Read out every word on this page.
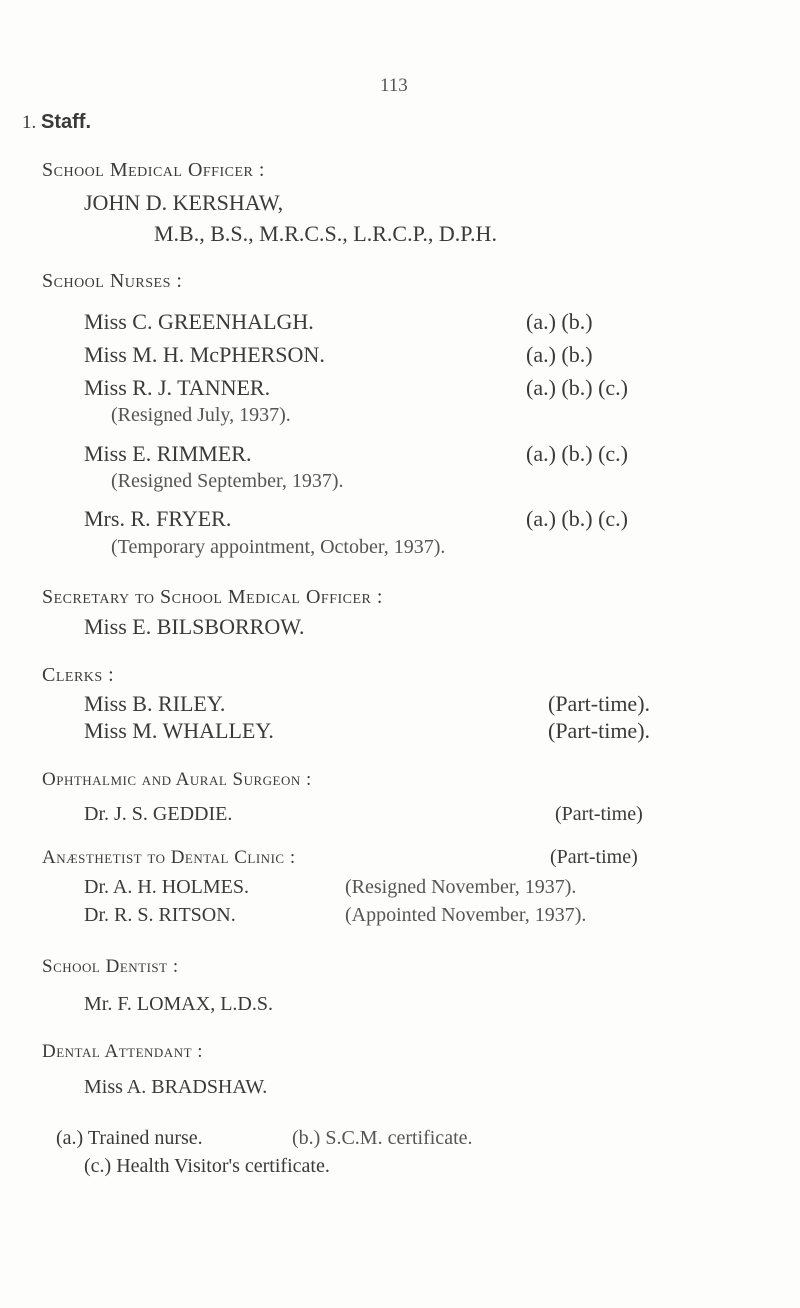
113
1. Staff.
School Medical Officer :
JOHN D. KERSHAW,
M.B., B.S., M.R.C.S., L.R.C.P., D.P.H.
School Nurses :
Miss C. GREENHALGH.	(a.) (b.)
Miss M. H. McPHERSON.	(a.) (b.)
Miss R. J. TANNER.	(a.) (b.) (c.)
(Resigned July, 1937).
Miss E. RIMMER.	(a.) (b.) (c.)
(Resigned September, 1937).
Mrs. R. FRYER.	(a.) (b.) (c.)
(Temporary appointment, October, 1937).
Secretary to School Medical Officer :
Miss E. BILSBORROW.
Clerks :
Miss B. RILEY.	(Part-time).
Miss M. WHALLEY.	(Part-time).
Ophthalmic and Aural Surgeon :
Dr. J. S. GEDDIE.	(Part-time)
Anæsthetist to Dental Clinic :	(Part-time)
Dr. A. H. HOLMES.	(Resigned November, 1937).
Dr. R. S. RITSON.	(Appointed November, 1937).
School Dentist :
Mr. F. LOMAX, L.D.S.
Dental Attendant :
Miss A. BRADSHAW.
(a.) Trained nurse.	(b.) S.C.M. certificate.
(c.) Health Visitor's certificate.
